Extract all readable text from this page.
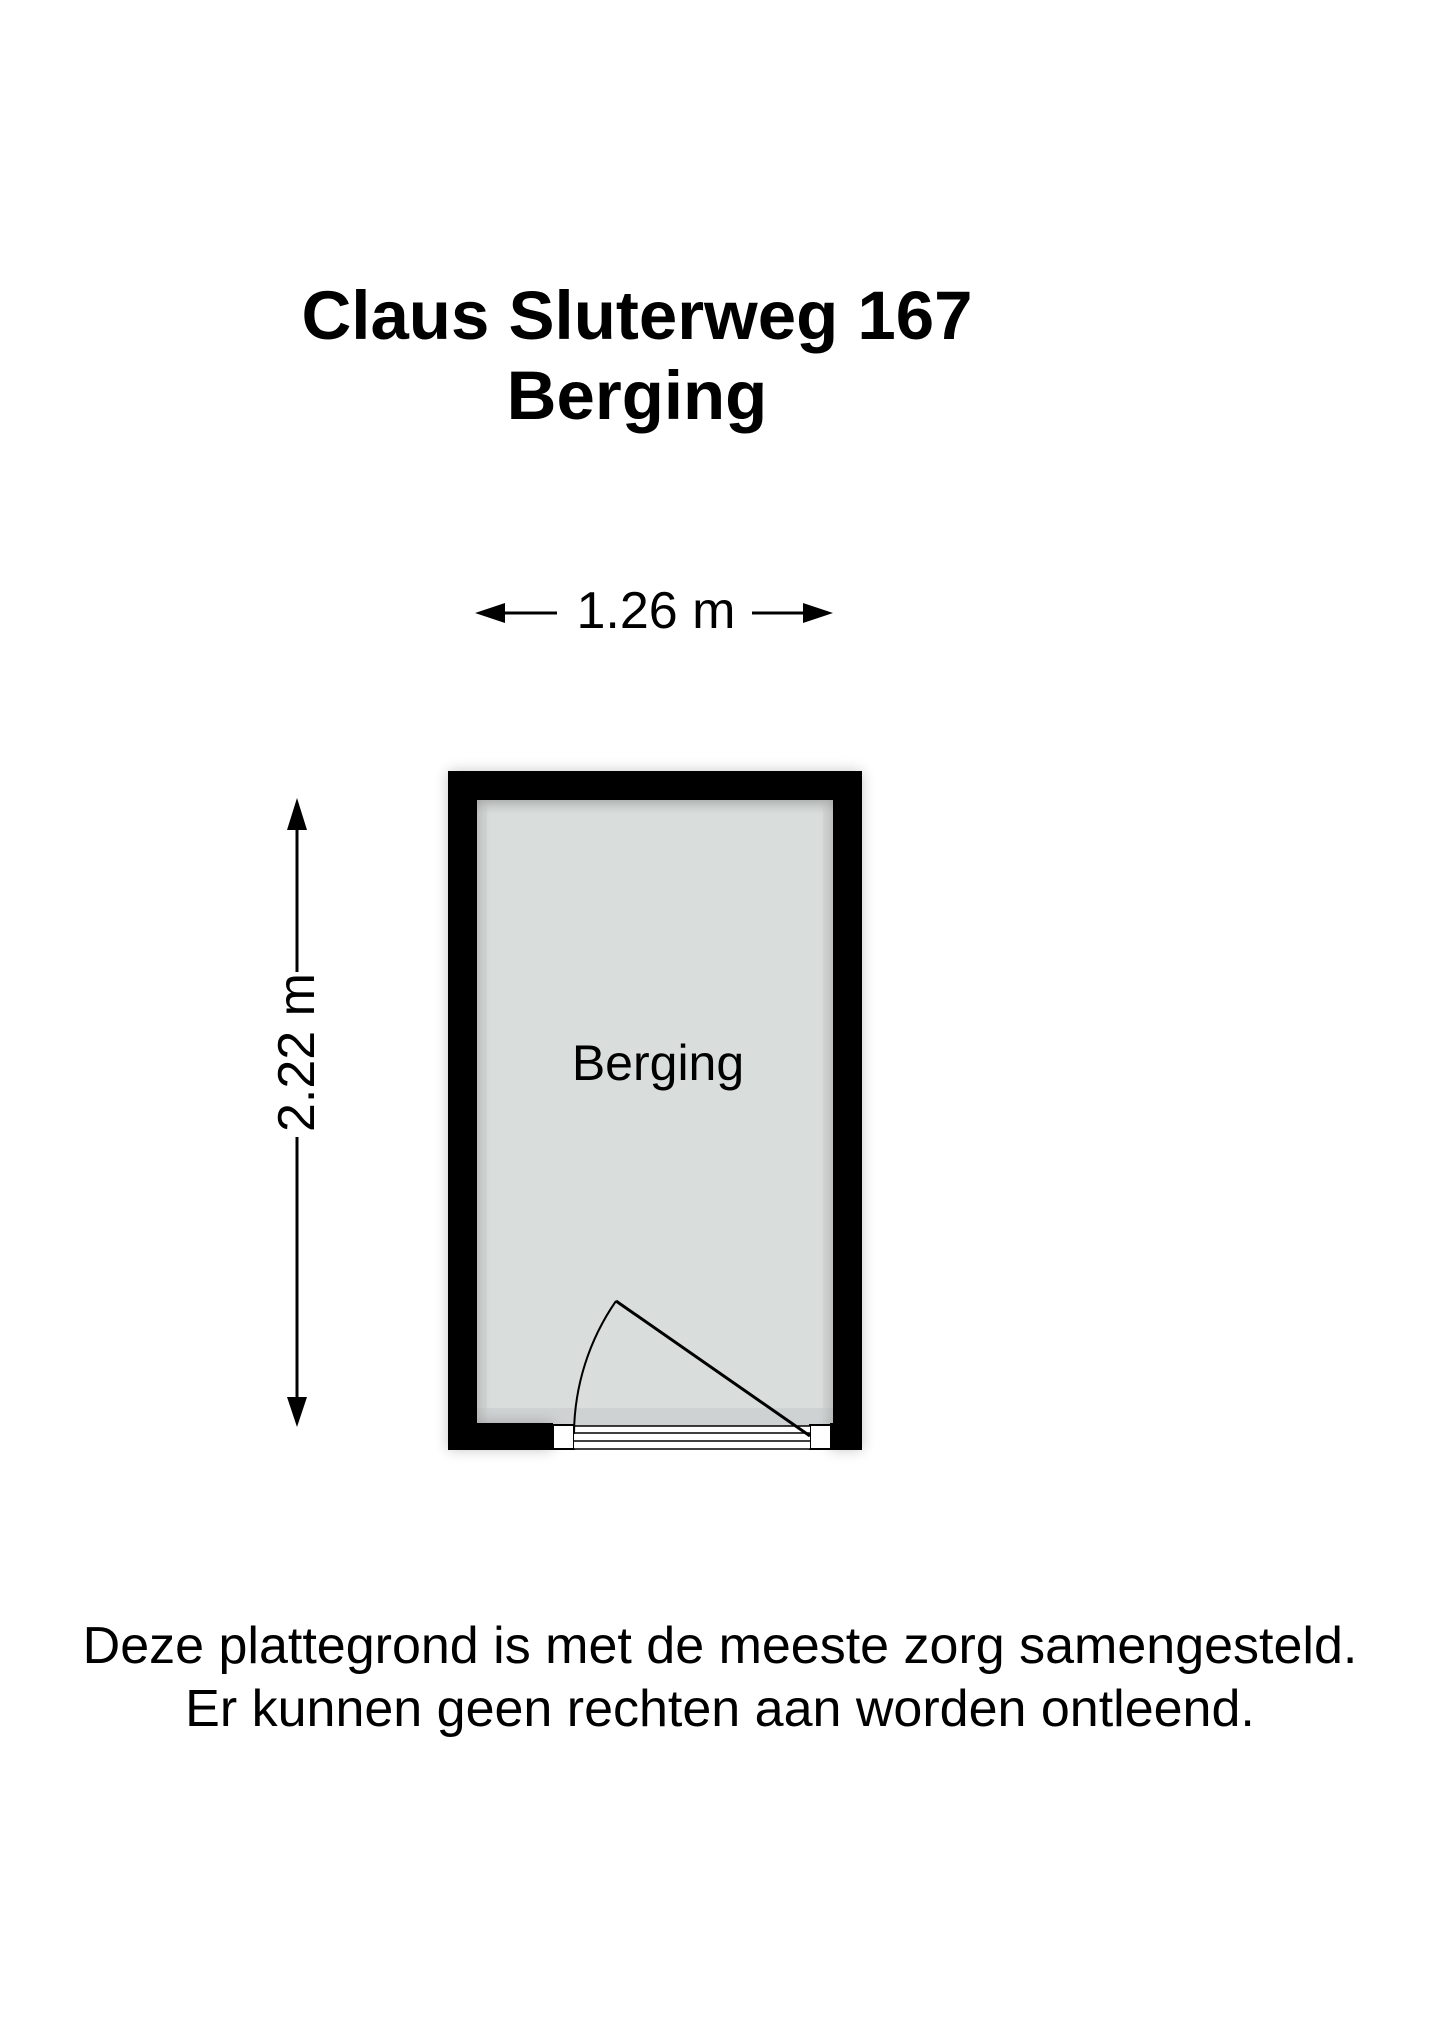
Claus Sluterweg 167
Berging
1.26 m
2.22 m	Berging
Deze plattegrond is met de meeste zorg samengesteld.
Er kunnen geen rechten aan worden ontleend.
